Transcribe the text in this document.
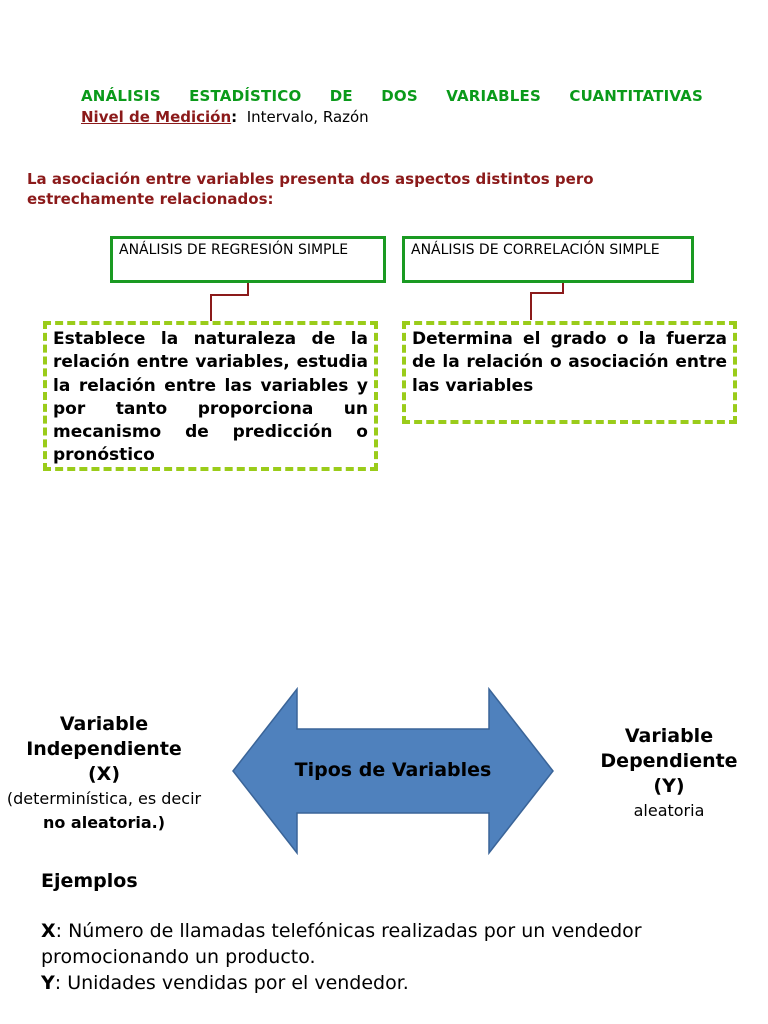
ANÁLISIS ESTADÍSTICO DE DOS VARIABLES CUANTITATIVAS
Nivel de Medición: Intervalo, Razón
La asociación entre variables presenta dos aspectos distintos pero estrechamente relacionados:
ANÁLISIS DE REGRESIÓN SIMPLE	ANÁLISIS DE CORRELACIÓN SIMPLE
Establece la naturaleza de la relación entre variables, estudia la relación entre las variables y por tanto proporciona un mecanismo de predicción o pronóstico
Determina el grado o la fuerza de la relación o asociación entre las variables
Tipos de Variables
Variable
Independiente
(X)
(determinística, es decir no aleatoria.)
Variable
Dependiente
(Y)
aleatoria
Ejemplos
X: Número de llamadas telefónicas realizadas por un vendedor promocionando un producto.
Y: Unidades vendidas por el vendedor.
